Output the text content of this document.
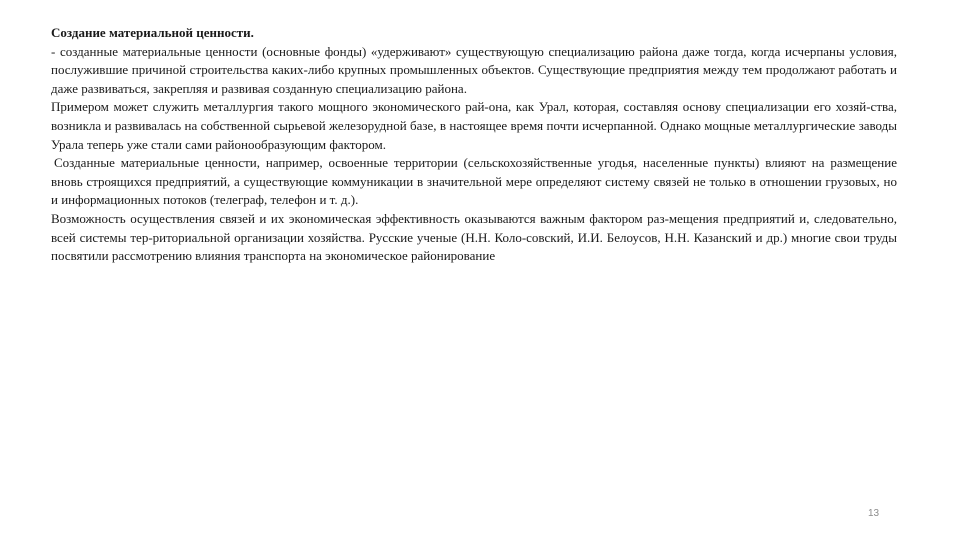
Создание материальной ценности.

- созданные материальные ценности (основные фонды) «удерживают» существующую специализацию района даже тогда, когда исчерпаны условия, послужившие причиной строительства каких-либо крупных промышленных объектов. Существующие предприятия между тем продолжают работать и даже развиваться, закрепляя и развивая созданную специализацию района.

Примером может служить металлургия такого мощного экономического рай-она, как Урал, которая, составляя основу специализации его хозяй-ства, возникла и развивалась на собственной сырьевой железорудной базе, в настоящее время почти исчерпанной. Однако мощные металлургические заводы Урала теперь уже стали сами районообразующим фактором.

Созданные материальные ценности, например, освоенные территории (сельскохозяйственные угодья, населенные пункты) влияют на размещение вновь строящихся предприятий, а существующие коммуникации в значительной мере определяют систему связей не только в отношении грузовых, но и информационных потоков (телеграф, телефон и т. д.).

Возможность осуществления связей и их экономическая эффективность оказываются важным фактором раз-мещения предприятий и, следовательно, всей системы тер-риториальной организации хозяйства. Русские ученые (Н.Н. Коло-совский, И.И. Белоусов, Н.Н. Казанский и др.) многие свои труды посвятили рассмотрению влияния транспорта на экономическое районирование

13
